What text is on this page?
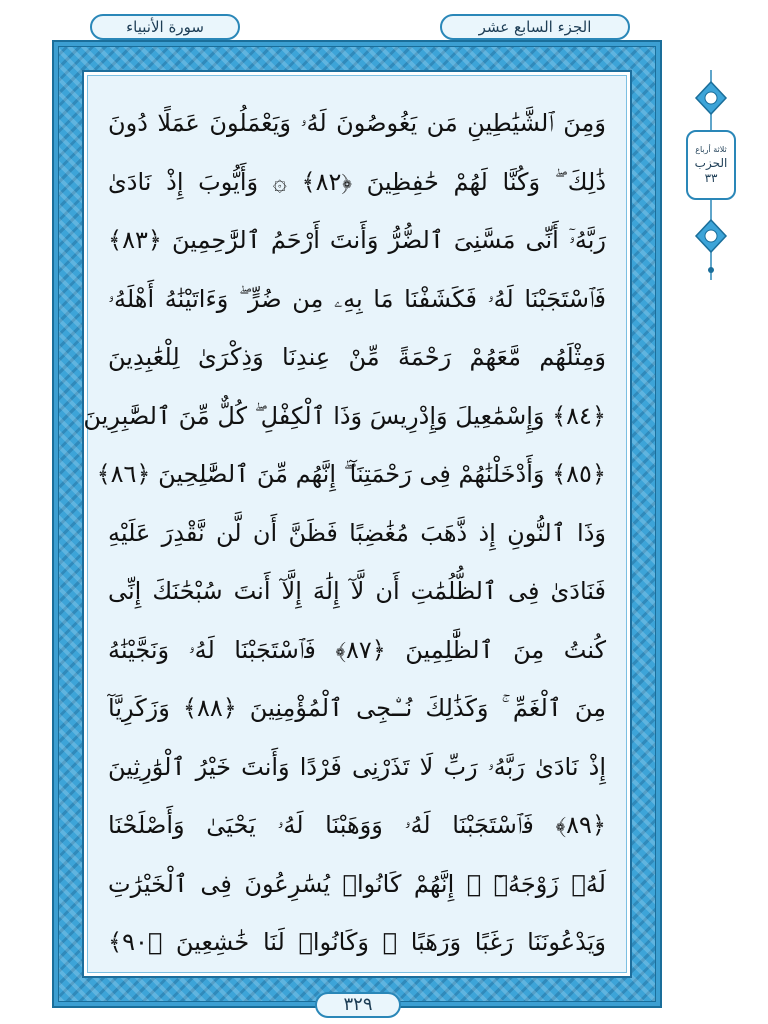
الجزء السابع عشر
سورة الأنبياء
وَمِنَ ٱلشَّيَٰطِينِ مَن يَغُوصُونَ لَهُۥ وَيَعْمَلُونَ عَمَلًا دُونَ
ذَٰلِكَ ۖ وَكُنَّا لَهُمْ حَٰفِظِينَ ﴿٨٢﴾ ۞ وَأَيُّوبَ إِذْ نَادَىٰ
رَبَّهُۥٓ أَنِّى مَسَّنِىَ ٱلضُّرُّ وَأَنتَ أَرْحَمُ ٱلرَّٰحِمِينَ ﴿٨٣﴾
فَٱسْتَجَبْنَا لَهُۥ فَكَشَفْنَا مَا بِهِۦ مِن ضُرٍّ ۖ وَءَاتَيْنَٰهُ أَهْلَهُۥ
وَمِثْلَهُم مَّعَهُمْ رَحْمَةً مِّنْ عِندِنَا وَذِكْرَىٰ لِلْعَٰبِدِينَ
﴿٨٤﴾ وَإِسْمَٰعِيلَ وَإِدْرِيسَ وَذَا ٱلْكِفْلِ ۖ كُلٌّ مِّنَ ٱلصَّٰبِرِينَ
﴿٨٥﴾ وَأَدْخَلْنَٰهُمْ فِى رَحْمَتِنَآ ۖ إِنَّهُم مِّنَ ٱلصَّٰلِحِينَ ﴿٨٦﴾
وَذَا ٱلنُّونِ إِذ ذَّهَبَ مُغَٰضِبًا فَظَنَّ أَن لَّن نَّقْدِرَ عَلَيْهِ
فَنَادَىٰ فِى ٱلظُّلُمَٰتِ أَن لَّآ إِلَٰهَ إِلَّآ أَنتَ سُبْحَٰنَكَ إِنِّى
كُنتُ مِنَ ٱلظَّٰلِمِينَ ﴿٨٧﴾ فَٱسْتَجَبْنَا لَهُۥ وَنَجَّيْنَٰهُ
مِنَ ٱلْغَمِّ ۚ وَكَذَٰلِكَ نُـۨجِى ٱلْمُؤْمِنِينَ ﴿٨٨﴾ وَزَكَرِيَّآ
إِذْ نَادَىٰ رَبَّهُۥ رَبِّ لَا تَذَرْنِى فَرْدًا وَأَنتَ خَيْرُ ٱلْوَٰرِثِينَ
﴿٨٩﴾ فَٱسْتَجَبْنَا لَهُۥ وَوَهَبْنَا لَهُۥ يَحْيَىٰ وَأَصْلَحْنَا
لَهُۥ زَوْجَهُۥٓ ۚ إِنَّهُمْ كَانُوا۟ يُسَٰرِعُونَ فِى ٱلْخَيْرَٰتِ
وَيَدْعُونَنَا رَغَبًا وَرَهَبًا ۖ وَكَانُوا۟ لَنَا خَٰشِعِينَ ﴿٩٠﴾
ثلاثة أرباع
الحزب
٣٣
٣٢٩
